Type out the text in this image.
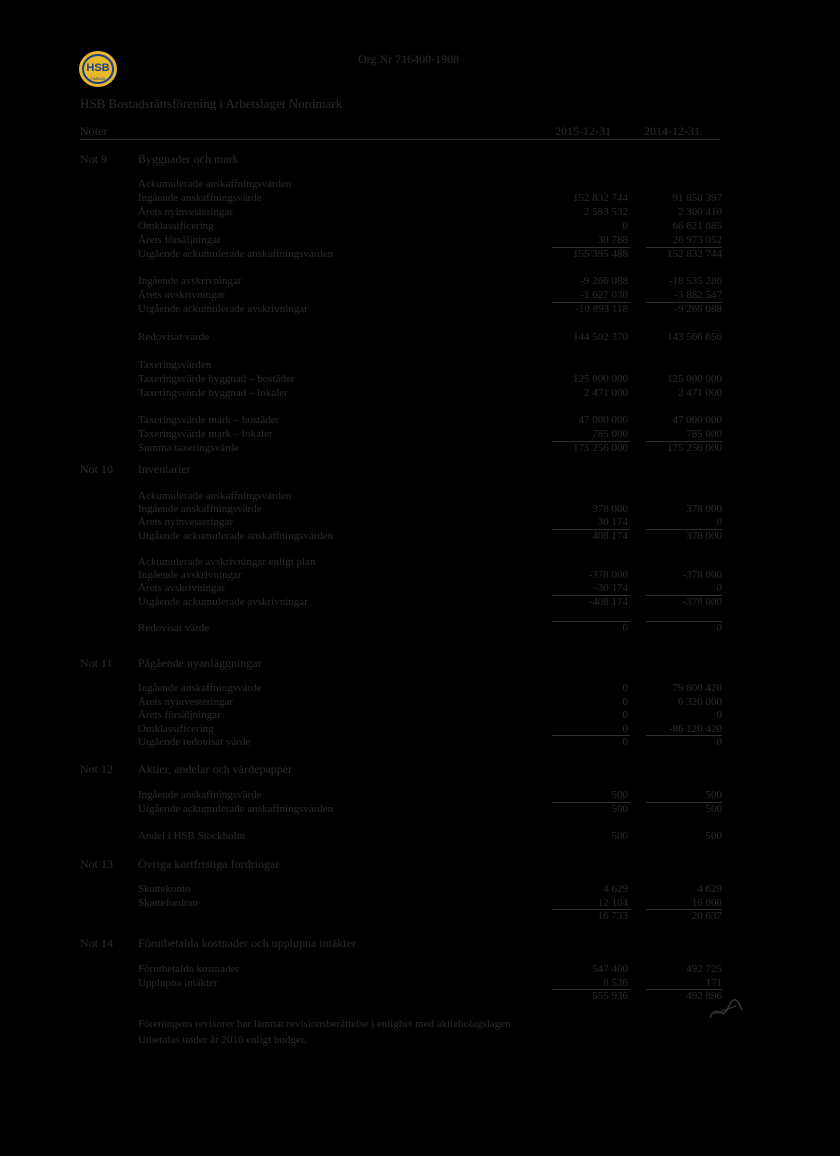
HSB
OMBUD
Org.Nr 716400-1908
HSB Bostadsrättsförening i Arbetslaget Nordmark
Noter	2015-12-31	2014-12-31
Not 9	Byggnader och mark
Ackumulerade anskaffningsvärden
Ingående anskaffningsvärde	152 832 744	91 850 397
Årets nyinvesteringar	2 593 532	2 300 410
Omklassificering	0	66 621 885
Årets försäljningar	30 788	26 973 052
Utgående ackumulerade anskaffningsvärden	155 395 488	152 832 744
Ingående avskrivningar	-9 266 088	-18 535 286
Årets avskrivningar	-1 627 030	-3 882 547
Utgående ackumulerade avskrivningar	-10 893 118	-9 266 088
Redovisat värde	144 502 370	143 566 656
Taxeringsvärden
Taxeringsvärde byggnad – bostäder	125 000 000	125 000 000
Taxeringsvärde byggnad – lokaler	2 471 000	2 471 000
Taxeringsvärde mark – bostäder	47 000 000	47 000 000
Taxeringsvärde mark – lokaler	785 000	785 000
Summa taxeringsvärde	175 256 000	175 256 000
Not 10 Inventarier
Ackumulerade anskaffningsvärden
Ingående anskaffningsvärde	378 000	378 000
Årets nyinvesteringar	30 174	0
Utgående ackumulerade anskaffningsvärden	408 174	378 000
Ackumulerade avskrivningar enligt plan
Ingående avskrivningar	-378 000	-378 000
Årets avskrivningar	-30 174	0
Utgående ackumulerade avskrivningar	-408 174	-378 000
Redovisat värde	0	0
Not 11 Pågående nyanläggningar
Ingående anskaffningsvärde	0	79 800 420
Årets nyinvesteringar	0	6 320 000
Årets försäljningar	0	0
Omklassificering	0	-86 120 420
Utgående redovisat värde	0	0
Not 12 Aktier, andelar och värdepapper
Ingående anskaffningsvärde	500	500
Utgående ackumulerade anskaffningsvärden	500	500
Andel i HSB Stockholm	500	500
Not 13 Övriga kortfristiga fordringar
Skattekonto	4 629	4 629
Skattefordran	12 104	16 008
16 733	20 637
Not 14 Förutbetalda kostnader och upplupna intäkter
Förutbetalda kostnader	547 400	492 725
Upplupna intäkter	8 536	171
555 936	492 896
Föreningens revisorer har lämnat revisionsberättelse i enlighet med aktiebolagslagen.
Utbetalas under år 2016 enligt budget.
